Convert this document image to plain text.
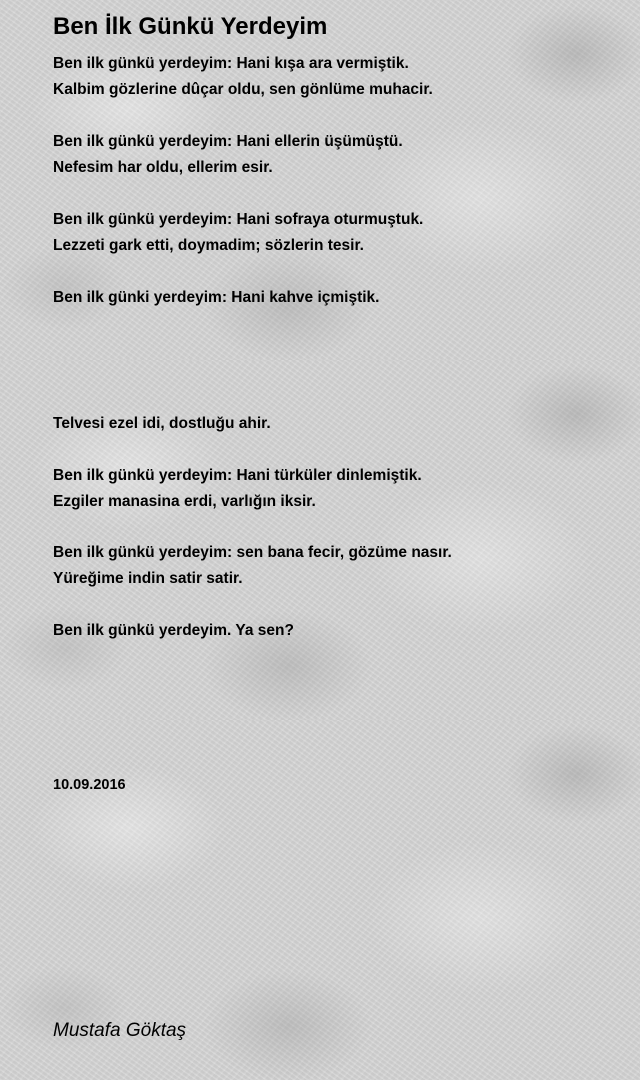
Ben İlk Günkü Yerdeyim

Ben ilk günkü yerdeyim: Hani kışa ara vermiştik.
Kalbim gözlerine dûçar oldu, sen gönlüme muhacir.

Ben ilk günkü yerdeyim: Hani ellerin üşümüştü.
Nefesim har oldu, ellerim esir.

Ben ilk günkü yerdeyim: Hani sofraya oturmuştuk.
Lezzeti gark etti, doymadim; sözlerin tesir.

Ben ilk günki yerdeyim: Hani kahve içmiştik.

Telvesi ezel idi, dostluğu ahir.

Ben ilk günkü yerdeyim: Hani türküler dinlemiştik.
Ezgiler manasina erdi, varlığın iksir.

Ben ilk günkü yerdeyim: sen bana fecir, gözüme nasır.
Yüreğime indin satir satir.

Ben ilk günkü yerdeyim. Ya sen?

10.09.2016

Mustafa Göktaş
